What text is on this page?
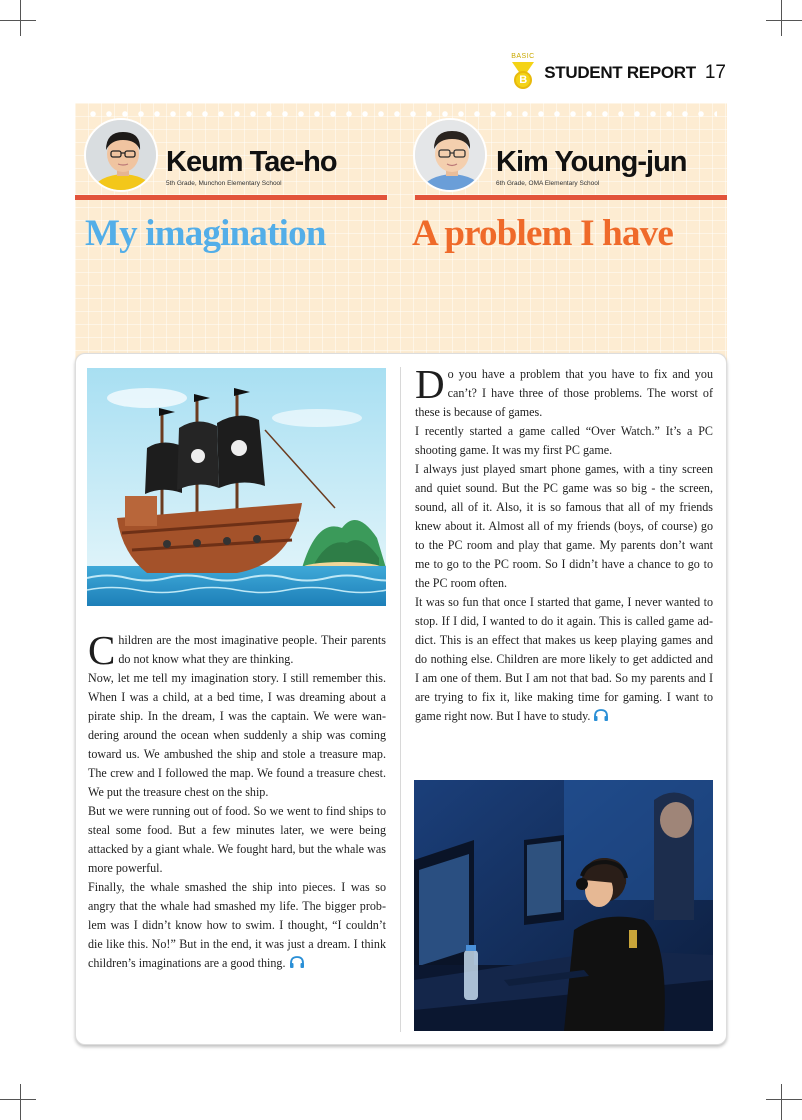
BASIC
B STUDENT REPORT 17
Keum Tae-ho
5th Grade, Munchon Elementary School
My imagination
Kim Young-jun
6th Grade, OMA Elementary School
A problem I have

Children are the most imaginative people. Their parents do not know what they are thinking.

Now, let me tell my imagination story. I still remember this. When I was a child, at a bed time, I was dreaming about a pirate ship. In the dream, I was the captain. We were wan-dering around the ocean when suddenly a ship was coming toward us. We ambushed the ship and stole a treasure map. The crew and I followed the map. We found a treasure chest. We put the treasure chest on the ship.

But we were running out of food. So we went to find ships to steal some food. But a few minutes later, we were being attacked by a giant whale. We fought hard, but the whale was more powerful.

Finally, the whale smashed the ship into pieces. I was so angry that the whale had smashed my life. The bigger prob-lem was I didn’t know how to swim. I thought, “I couldn’t die like this. No!” But in the end, it was just a dream. I think children’s imaginations are a good thing.

Do you have a problem that you have to fix and you can’t? I have three of those problems. The worst of these is because of games.

I recently started a game called “Over Watch.” It’s a PC shooting game. It was my first PC game.

I always just played smart phone games, with a tiny screen and quiet sound. But the PC game was so big - the screen, sound, all of it. Also, it is so famous that all of my friends knew about it. Almost all of my friends (boys, of course) go to the PC room and play that game. My parents don’t want me to go to the PC room. So I didn’t have a chance to go to the PC room often.

It was so fun that once I started that game, I never wanted to stop. If I did, I wanted to do it again. This is called game ad-dict. This is an effect that makes us keep playing games and do nothing else. Children are more likely to get addicted and I am one of them. But I am not that bad. So my parents and I are trying to fix it, like making time for gaming. I want to game right now. But I have to study.
